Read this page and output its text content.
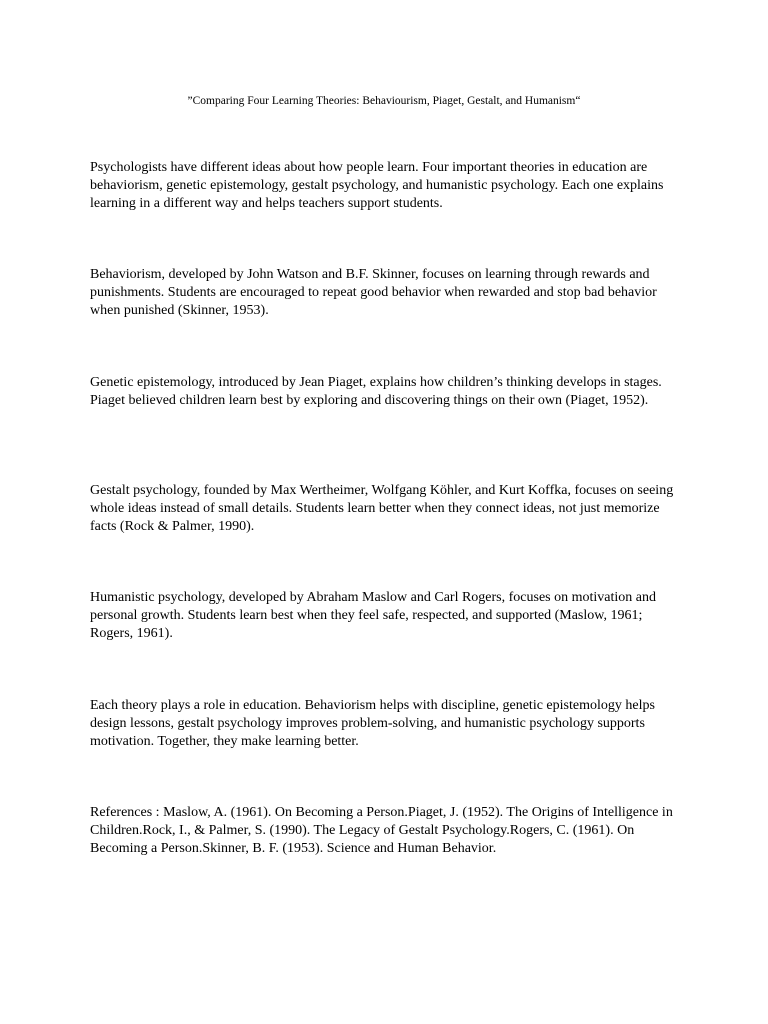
”Comparing Four Learning Theories: Behaviourism, Piaget, Gestalt, and Humanism“

Psychologists have different ideas about how people learn. Four important theories in education are behaviorism, genetic epistemology, gestalt psychology, and humanistic psychology. Each one explains learning in a different way and helps teachers support students.

Behaviorism, developed by John Watson and B.F. Skinner, focuses on learning through rewards and punishments. Students are encouraged to repeat good behavior when rewarded and stop bad behavior when punished (Skinner, 1953).

Genetic epistemology, introduced by Jean Piaget, explains how children’s thinking develops in stages. Piaget believed children learn best by exploring and discovering things on their own (Piaget, 1952).

Gestalt psychology, founded by Max Wertheimer, Wolfgang Köhler, and Kurt Koffka, focuses on seeing whole ideas instead of small details. Students learn better when they connect ideas, not just memorize facts (Rock & Palmer, 1990).

Humanistic psychology, developed by Abraham Maslow and Carl Rogers, focuses on motivation and personal growth. Students learn best when they feel safe, respected, and supported (Maslow, 1961; Rogers, 1961).

Each theory plays a role in education. Behaviorism helps with discipline, genetic epistemology helps design lessons, gestalt psychology improves problem-solving, and humanistic psychology supports motivation. Together, they make learning better.

References : Maslow, A. (1961). On Becoming a Person.Piaget, J. (1952). The Origins of Intelligence in Children.Rock, I., & Palmer, S. (1990). The Legacy of Gestalt Psychology.Rogers, C. (1961). On Becoming a Person.Skinner, B. F. (1953). Science and Human Behavior.
